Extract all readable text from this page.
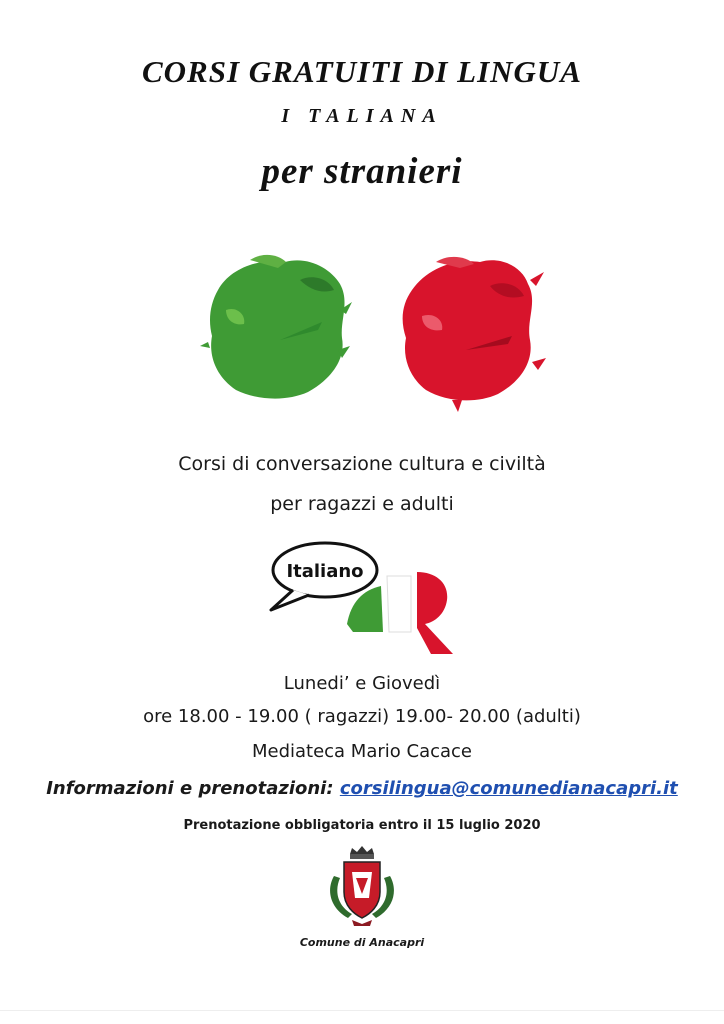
CORSI GRATUITI DI LINGUA
I TALIANA
per stranieri
Corsi di conversazione cultura e civiltà
per ragazzi e adulti
Italiano
Lunedi’ e Giovedì
ore 18.00 - 19.00 ( ragazzi) 19.00- 20.00 (adulti)
Mediateca Mario Cacace
Informazioni e prenotazioni: corsilingua@comunedianacapri.it
Prenotazione obbligatoria entro il 15 luglio 2020
Comune di Anacapri
